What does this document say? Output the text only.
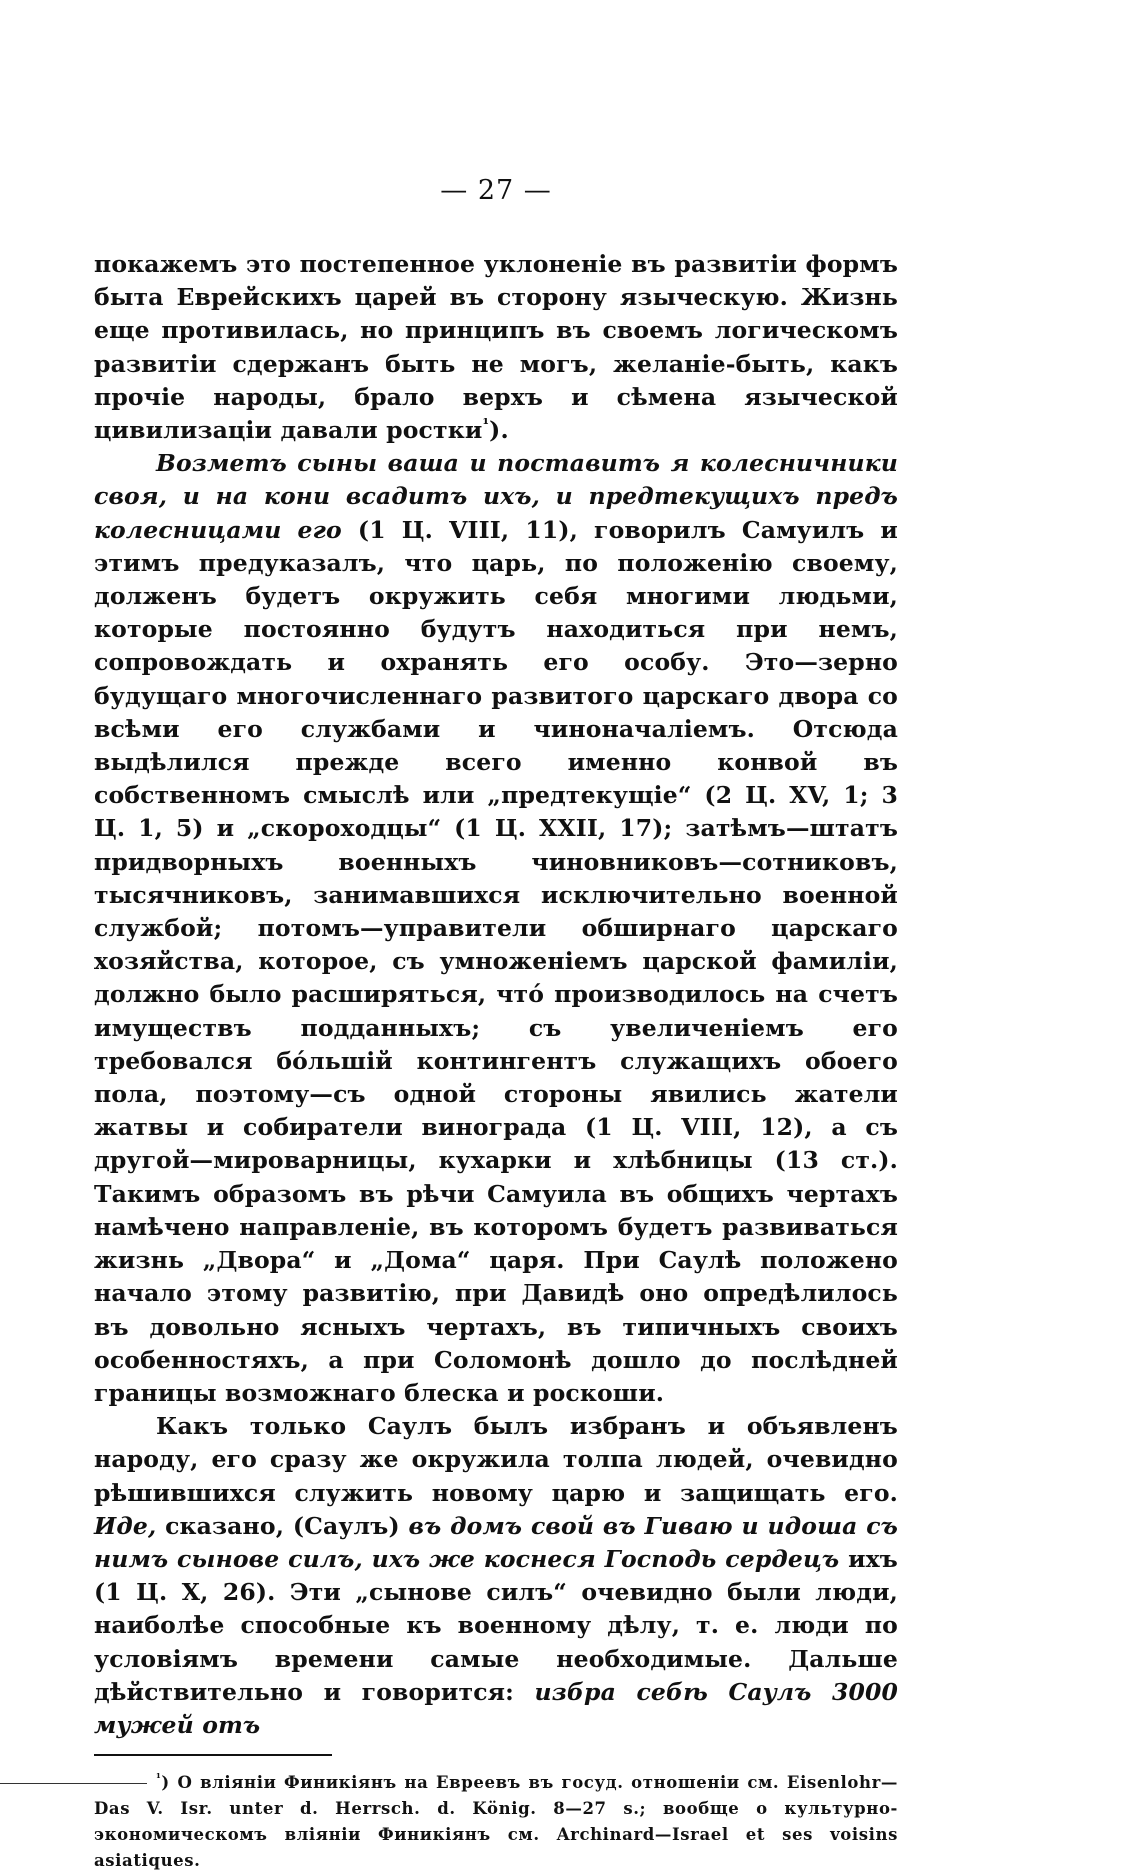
— 27 —

покажемъ это постепенное уклоненіе въ развитіи формъ быта Еврейскихъ царей въ сторону языческую. Жизнь еще противилась, но принципъ въ своемъ логическомъ развитіи сдержанъ быть не могъ, желаніе-быть, какъ прочіе народы, брало верхъ и сѣмена языческой цивилизаціи давали ростки$^{^1}$).

Возметъ сыны ваша и поставитъ я колесничники своя, и на кони всадитъ ихъ, и предтекущихъ предъ колесницами его (1 Ц. VIII, 11), говорилъ Самуилъ и этимъ предуказалъ, что царь, по положенію своему, долженъ будетъ окружить себя многими людьми, которые постоянно будутъ находиться при немъ, сопровождать и охранять его особу. Это—зерно будущаго многочисленнаго развитого царскаго двора со всѣми его службами и чиноначаліемъ. Отсюда выдѣлился прежде всего именно конвой въ собственномъ смыслѣ или „предтекущіе“ (2 Ц. XV, 1; 3 Ц. 1, 5) и „скороходцы“ (1 Ц. XXII, 17); затѣмъ—штатъ придворныхъ военныхъ чиновниковъ—сотниковъ, тысячниковъ, занимавшихся исключительно военной службой; потомъ—управители обширнаго царскаго хозяйства, которое, съ умноженіемъ царской фамиліи, должно было расширяться, что́ производилось на счетъ имуществъ подданныхъ; съ увеличеніемъ его требовался бо́льшій контингентъ служащихъ обоего пола, поэтому—съ одной стороны явились жатели жатвы и собиратели винограда (1 Ц. VIII, 12), а съ другой—мироварницы, кухарки и хлѣбницы (13 ст.). Такимъ образомъ въ рѣчи Самуила въ общихъ чертахъ намѣчено направленіе, въ которомъ будетъ развиваться жизнь „Двора“ и „Дома“ царя. При Саулѣ положено начало этому развитію, при Давидѣ оно опредѣлилось въ довольно ясныхъ чертахъ, въ типичныхъ своихъ особенностяхъ, а при Соломонѣ дошло до послѣдней границы возможнаго блеска и роскоши.

Какъ только Саулъ былъ избранъ и объявленъ народу, его сразу же окружила толпа людей, очевидно рѣшившихся служить новому царю и защищать его. Иде, сказано, (Саулъ) въ домъ свой въ Гиваю и идоша съ нимъ сынове силъ, ихъ же коснеся Господь сердецъ ихъ (1 Ц. X, 26). Эти „сынове силъ“ очевидно были люди, наиболѣе способные къ военному дѣлу, т. е. люди по условіямъ времени самые необходимые. Дальше дѣйствительно и говорится: избра себѣ Саулъ 3000 мужей отъ

$^{^1}$) О вліяніи Финикіянъ на Евреевъ въ госуд. отношеніи см. Eisenlohr—Das V. Isr. unter d. Herrsch. d. König. 8—27 s.; вообще о культурно-экономическомъ вліяніи Финикіянъ см. Archinard—Israel et ses voisins asiatiques.
